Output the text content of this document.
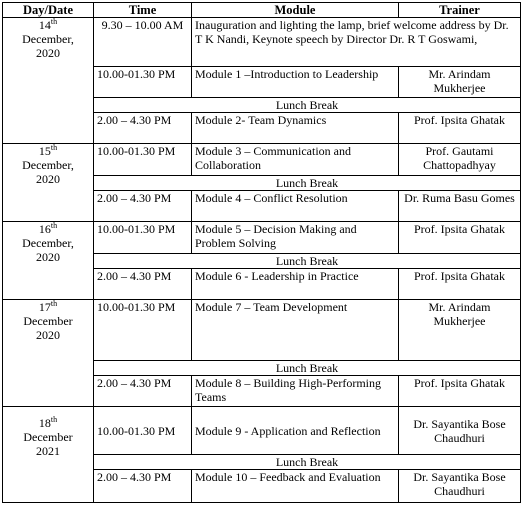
Day/Date	Time	Module	Trainer

14th
December,
2020	9.30 – 10.00 AM	Inauguration and lighting the lamp, brief welcome address by Dr. T K Nandi, Keynote speech by Director Dr. R T Goswami,	
	10.00-01.30 PM	Module 1 –Introduction to Leadership	Mr. Arindam Mukherjee
	Lunch Break		
	2.00 – 4.30 PM	Module 2- Team Dynamics	Prof. Ipsita Ghatak

15th
December,
2020	10.00-01.30 PM	Module 3 – Communication and Collaboration	Prof. Gautami Chattopadhyay
	Lunch Break		
	2.00 – 4.30 PM	Module 4 – Conflict Resolution	Dr. Ruma Basu Gomes

16th
December,
2020	10.00-01.30 PM	Module 5 – Decision Making and Problem Solving	Prof. Ipsita Ghatak
	Lunch Break		
	2.00 – 4.30 PM	Module 6 - Leadership in Practice	Prof. Ipsita Ghatak

17th
December
2020	10.00-01.30 PM	Module 7 – Team Development	Mr. Arindam Mukherjee
	Lunch Break		
	2.00 – 4.30 PM	Module 8 – Building High-Performing Teams	Prof. Ipsita Ghatak

18th
December
2021	10.00-01.30 PM	Module 9 - Application and Reflection	Dr. Sayantika Bose Chaudhuri
	Lunch Break		
	2.00 – 4.30 PM	Module 10 – Feedback and Evaluation	Dr. Sayantika Bose Chaudhuri
